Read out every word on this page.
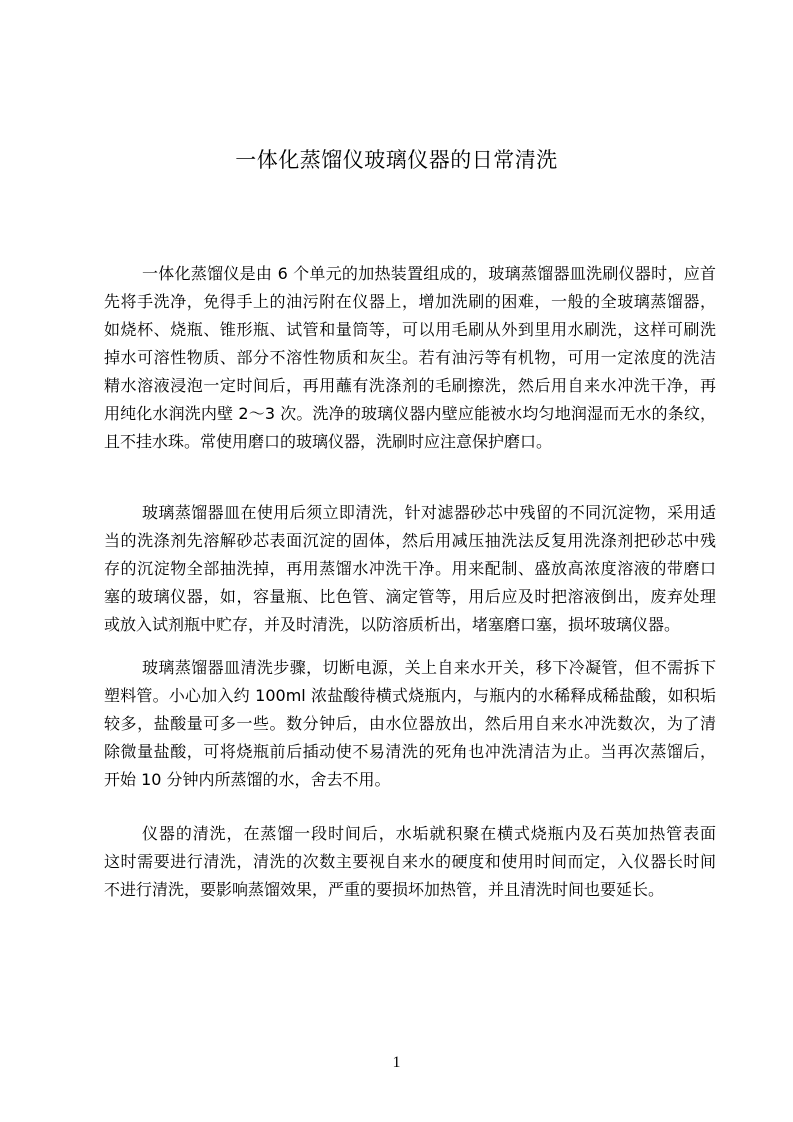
一体化蒸馏仪玻璃仪器的日常清洗
一体化蒸馏仪是由 6 个单元的加热装置组成的，玻璃蒸馏器皿洗刷仪器时，应首
先将手洗净，免得手上的油污附在仪器上，增加洗刷的困难，一般的全玻璃蒸馏器，
如烧杯、烧瓶、锥形瓶、试管和量筒等，可以用毛刷从外到里用水刷洗，这样可刷洗
掉水可溶性物质、部分不溶性物质和灰尘。若有油污等有机物，可用一定浓度的洗洁
精水溶液浸泡一定时间后，再用蘸有洗涤剂的毛刷擦洗，然后用自来水冲洗干净，再
用纯化水润洗内壁 2～3 次。洗净的玻璃仪器内壁应能被水均匀地润湿而无水的条纹，
且不挂水珠。常使用磨口的玻璃仪器，洗刷时应注意保护磨口。
玻璃蒸馏器皿在使用后须立即清洗，针对滤器砂芯中残留的不同沉淀物，采用适
当的洗涤剂先溶解砂芯表面沉淀的固体，然后用减压抽洗法反复用洗涤剂把砂芯中残
存的沉淀物全部抽洗掉，再用蒸馏水冲洗干净。用来配制、盛放高浓度溶液的带磨口
塞的玻璃仪器，如，容量瓶、比色管、滴定管等，用后应及时把溶液倒出，废弃处理
或放入试剂瓶中贮存，并及时清洗，以防溶质析出，堵塞磨口塞，损坏玻璃仪器。
玻璃蒸馏器皿清洗步骤，切断电源，关上自来水开关，移下冷凝管，但不需拆下
塑料管。小心加入约 100ml 浓盐酸待横式烧瓶内，与瓶内的水稀释成稀盐酸，如积垢
较多，盐酸量可多一些。数分钟后，由水位器放出，然后用自来水冲洗数次，为了清
除微量盐酸，可将烧瓶前后插动使不易清洗的死角也冲洗清洁为止。当再次蒸馏后，
开始 10 分钟内所蒸馏的水，舍去不用。
仪器的清洗，在蒸馏一段时间后，水垢就积聚在横式烧瓶内及石英加热管表面
这时需要进行清洗，清洗的次数主要视自来水的硬度和使用时间而定，入仪器长时间
不进行清洗，要影响蒸馏效果，严重的要损坏加热管，并且清洗时间也要延长。
1
